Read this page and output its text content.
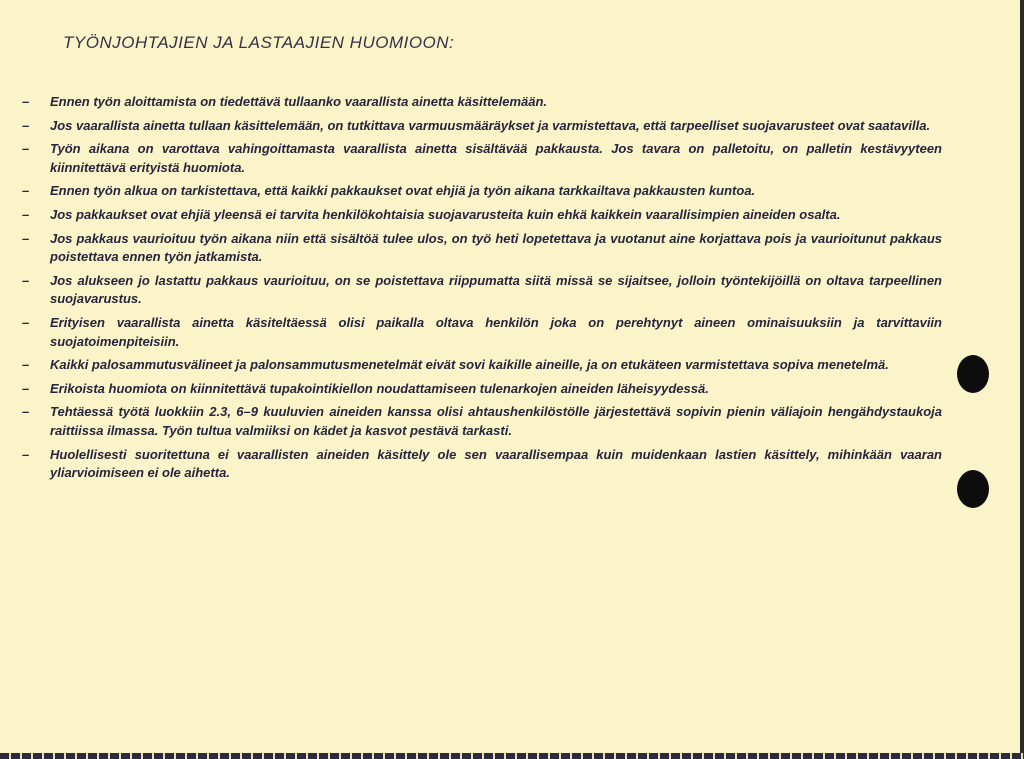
TYÖNJOHTAJIEN JA LASTAAJIEN HUOMIOON:
– Ennen työn aloittamista on tiedettävä tullaanko vaarallista ainetta käsittelemään.
– Jos vaarallista ainetta tullaan käsittelemään, on tutkittava varmuusmääräykset ja varmistettava, että tarpeelliset suojavarusteet ovat saatavilla.
– Työn aikana on varottava vahingoittamasta vaarallista ainetta sisältävää pakkausta. Jos tavara on palletoitu, on palletin kestävyyteen kiinnitettävä erityistä huomiota.
– Ennen työn alkua on tarkistettava, että kaikki pakkaukset ovat ehjiä ja työn aikana tarkkailtava pakkausten kuntoa.
– Jos pakkaukset ovat ehjiä yleensä ei tarvita henkilökohtaisia suojavarusteita kuin ehkä kaikkein vaarallisimpien aineiden osalta.
– Jos pakkaus vaurioituu työn aikana niin että sisältöä tulee ulos, on työ heti lopetettava ja vuotanut aine korjattava pois ja vaurioitunut pakkaus poistettava ennen työn jatkamista.
– Jos alukseen jo lastattu pakkaus vaurioituu, on se poistettava riippumatta siitä missä se sijaitsee, jolloin työntekijöillä on oltava tarpeellinen suojavarustus.
– Erityisen vaarallista ainetta käsiteltäessä olisi paikalla oltava henkilön joka on perehtynyt aineen ominaisuuksiin ja tarvittaviin suojatoimenpiteisiin.
– Kaikki palosammutusvälineet ja palonsammutusmenetelmät eivät sovi kaikille aineille, ja on etukäteen varmistettava sopiva menetelmä.
– Erikoista huomiota on kiinnitettävä tupakointikiellon noudattamiseen tulenarkojen aineiden läheisyydessä.
– Tehtäessä työtä luokkiin 2.3, 6–9 kuuluvien aineiden kanssa olisi ahtaushenkilöstölle järjestettävä sopivin pienin väliajoin hengähdystaukoja raittiissa ilmassa. Työn tultua valmiiksi on kädet ja kasvot pestävä tarkasti.
– Huolellisesti suoritettuna ei vaarallisten aineiden käsittely ole sen vaarallisempaa kuin muidenkaan lastien käsittely, mihinkään vaaran yliarvioimiseen ei ole aihetta.
